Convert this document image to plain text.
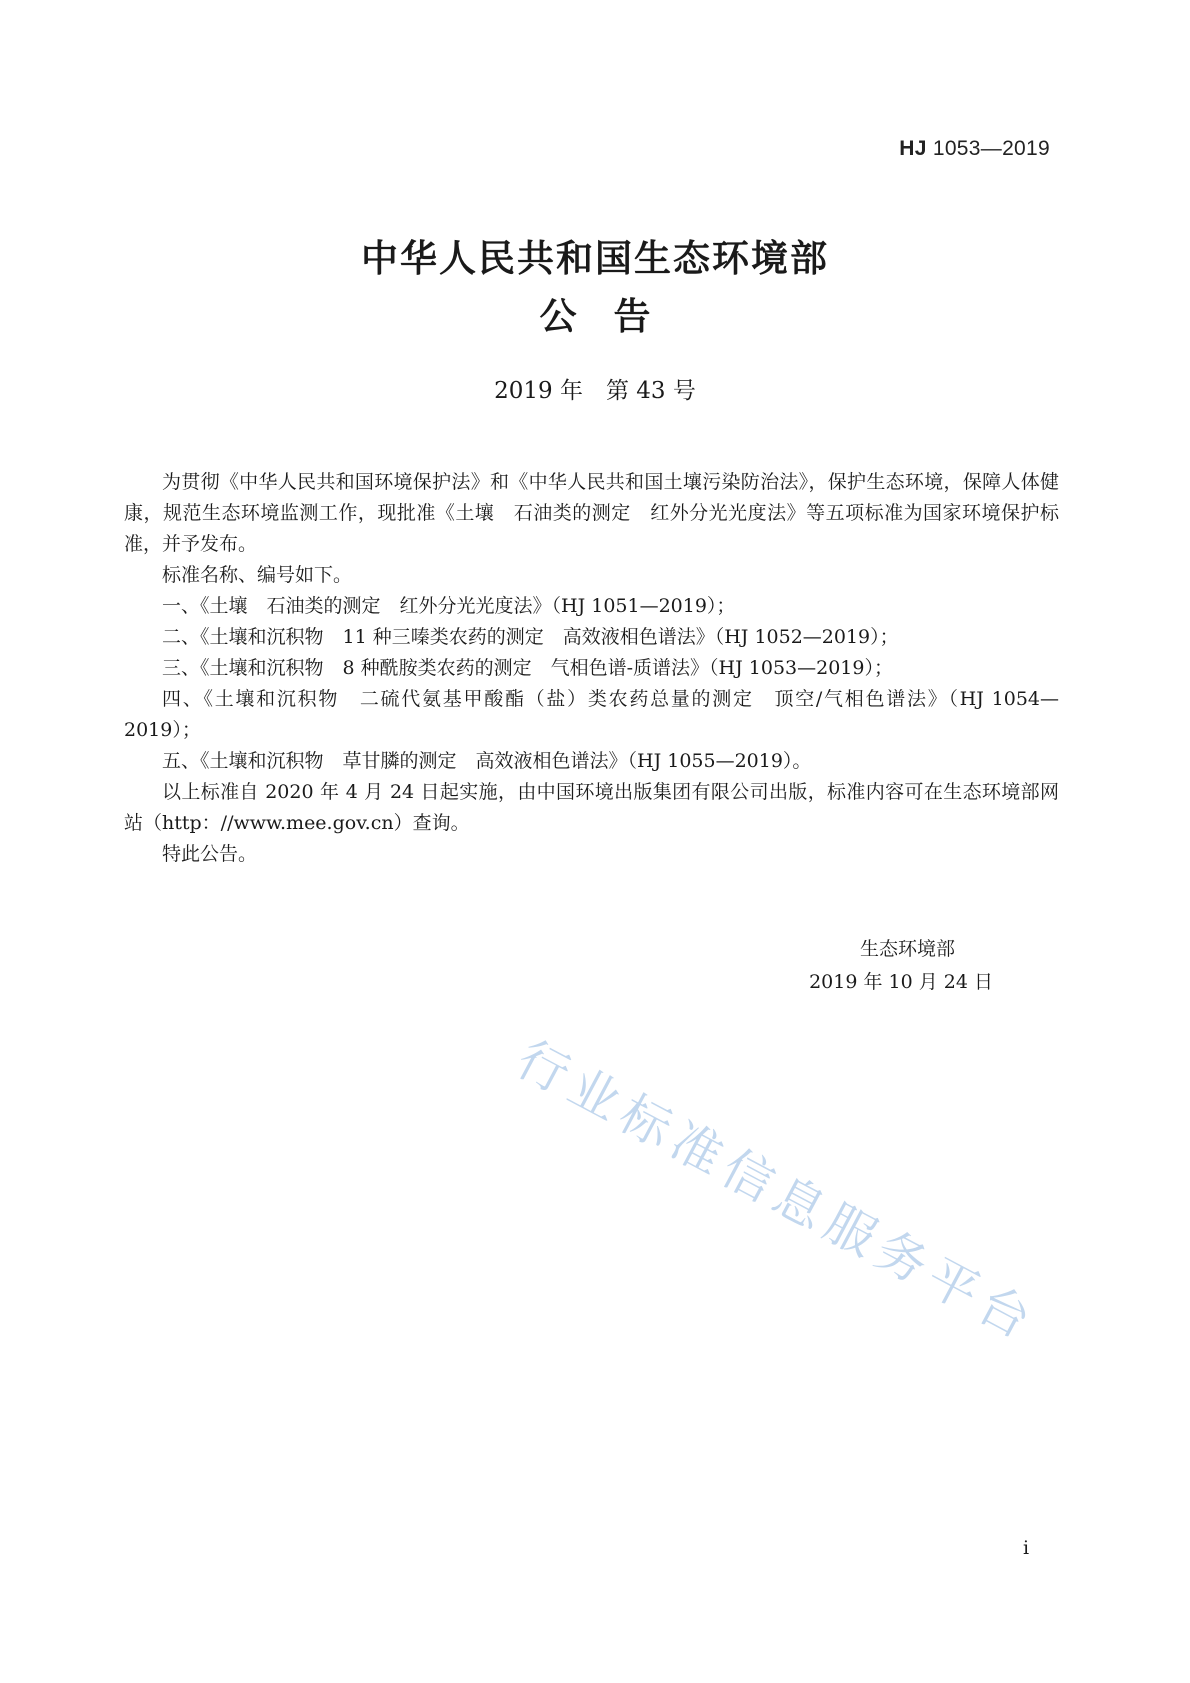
HJ 1053—2019
中华人民共和国生态环境部
公　告
2019 年　第 43 号

为贯彻《中华人民共和国环境保护法》和《中华人民共和国土壤污染防治法》，保护生态环境，保障人体健康，规范生态环境监测工作，现批准《土壤　石油类的测定　红外分光光度法》等五项标准为国家环境保护标准，并予发布。

标准名称、编号如下。

一、《土壤　石油类的测定　红外分光光度法》（HJ 1051—2019）；

二、《土壤和沉积物　11 种三嗪类农药的测定　高效液相色谱法》（HJ 1052—2019）；

三、《土壤和沉积物　8 种酰胺类农药的测定　气相色谱-质谱法》（HJ 1053—2019）；

四、《土壤和沉积物　二硫代氨基甲酸酯（盐）类农药总量的测定　顶空/气相色谱法》（HJ 1054—2019）；

五、《土壤和沉积物　草甘膦的测定　高效液相色谱法》（HJ 1055—2019）。

以上标准自 2020 年 4 月 24 日起实施，由中国环境出版集团有限公司出版，标准内容可在生态环境部网站（http：//www.mee.gov.cn）查询。

特此公告。

生态环境部
2019 年 10 月 24 日
行业标准信息服务平台
i
